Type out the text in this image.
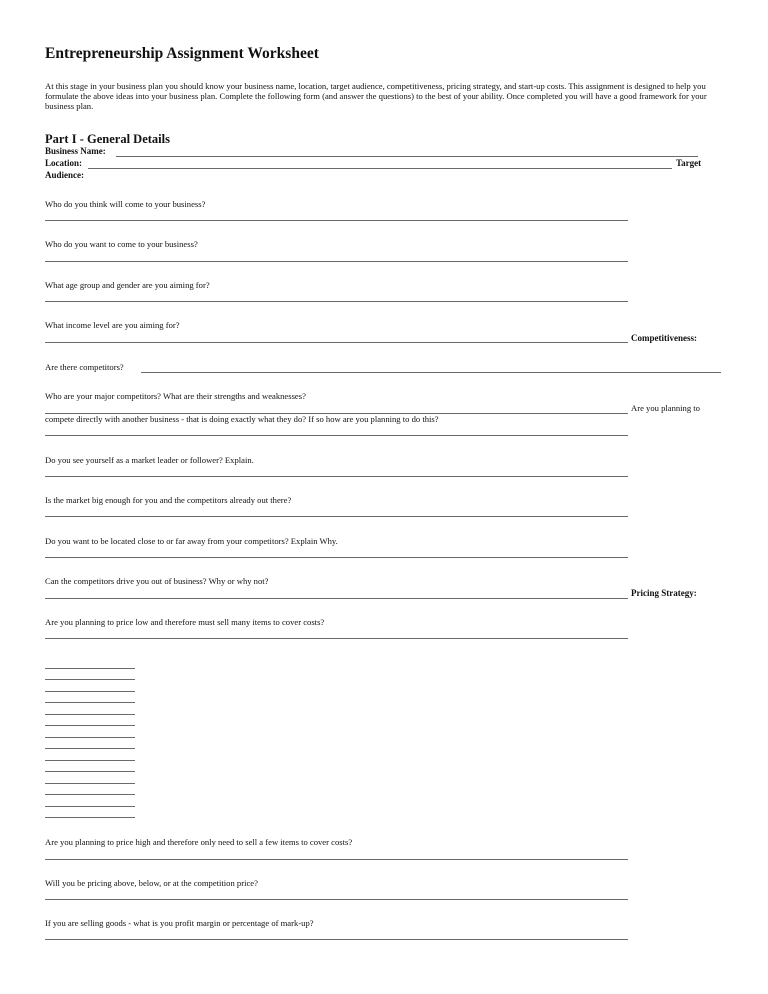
Entrepreneurship Assignment Worksheet
At this stage in your business plan you should know your business name, location, target audience, competitiveness, pricing strategy, and start-up costs. This assignment is designed to help you formulate the above ideas into your business plan. Complete the following form (and answer the questions) to the best of your ability. Once completed you will have a good framework for your business plan.
Part I - General Details
Business Name:
Location:	Target
Audience:
Who do you think will come to your business?
Who do you want to come to your business?
What age group and gender are you aiming for?
What income level are you aiming for?
Competitiveness:
Are there competitors?
Who are your major competitors? What are their strengths and weaknesses?
Are you planning to
compete directly with another business - that is doing exactly what they do? If so how are you planning to do this?
Do you see yourself as a market leader or follower? Explain.
Is the market big enough for you and the competitors already out there?
Do you want to be located close to or far away from your competitors? Explain Why.
Can the competitors drive you out of business? Why or why not?
Pricing Strategy:
Are you planning to price low and therefore must sell many items to cover costs?
Are you planning to price high and therefore only need to sell a few items to cover costs?
Will you be pricing above, below, or at the competition price?
If you are selling goods - what is you profit margin or percentage of mark-up?
